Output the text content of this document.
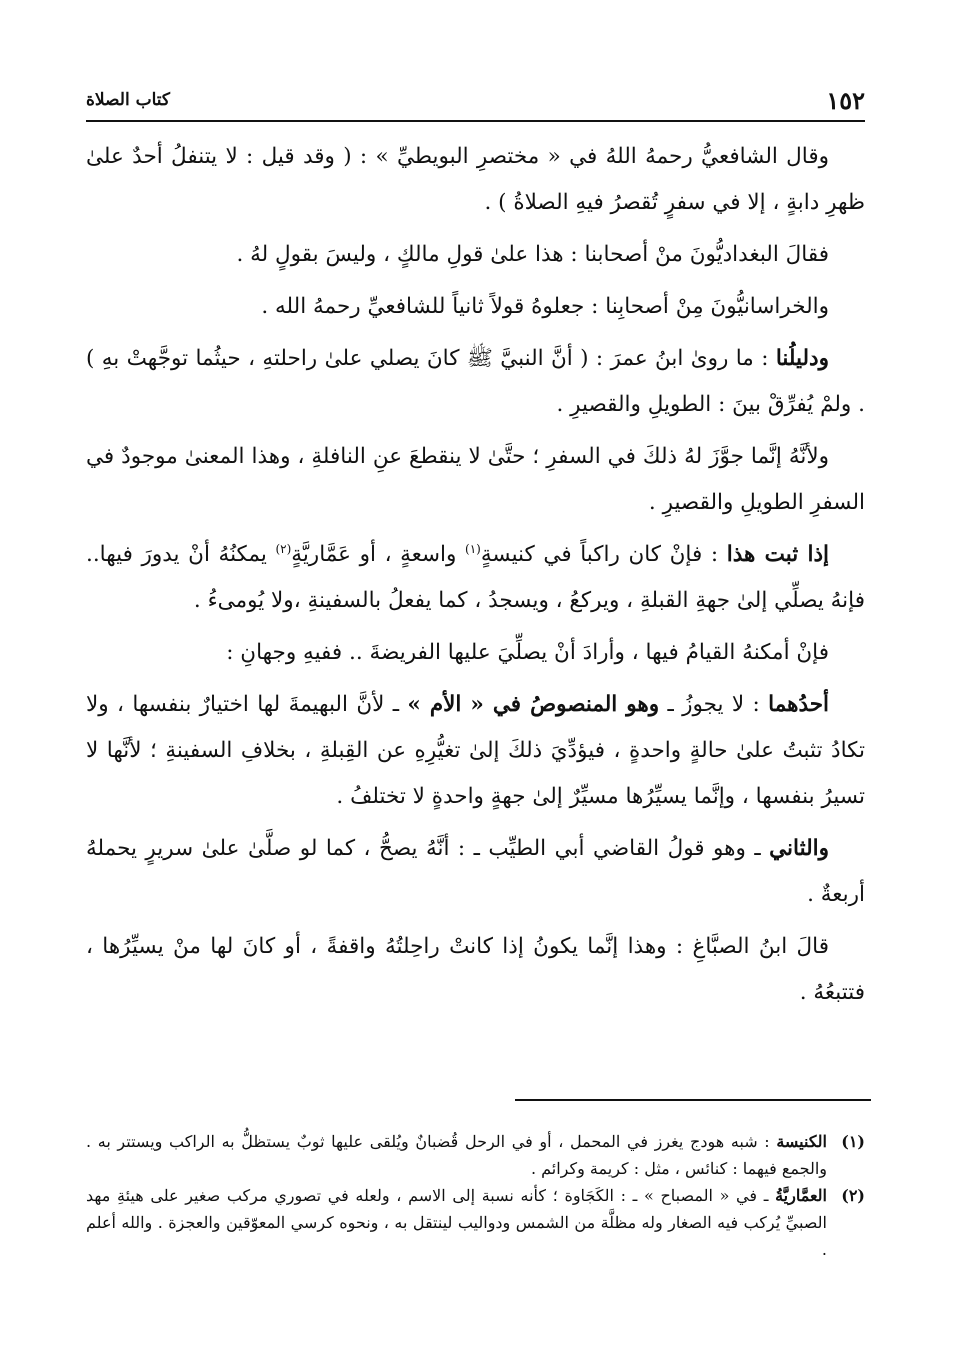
١٥٢
كتاب الصلاة

وقال الشافعيُّ رحمهُ اللهُ في « مختصرِ البويطيِّ » : ( وقد قيل : لا يتنفلُ أحدٌ علىٰ ظهرِ دابةٍ ، إلا في سفرٍ تُقصرُ فيهِ الصلاةُ ) .

فقالَ البغداديُّونَ منْ أصحابنا : هذا علىٰ قولِ مالكٍ ، وليسَ بقولٍ لهُ .

والخراسانيُّونَ مِنْ أصحابِنا : جعلوهُ قولاً ثانياً للشافعيِّ رحمهُ الله .

ودليلُنا : ما روىٰ ابنُ عمرَ : ( أنَّ النبيَّ ﷺ كانَ يصلي علىٰ راحلتهِ ، حيثُما توجَّهتْ بهِ ) . ولمْ يُفرِّقْ بينَ : الطويلِ والقصيرِ .

ولأنَّهُ إنَّما جوَّزَ لهُ ذلكَ في السفرِ ؛ حتَّىٰ لا ينقطعَ عنِ النافلةِ ، وهذا المعنىٰ موجودٌ في السفرِ الطويلِ والقصيرِ .

إذا ثبت هذا : فإنْ كان راكباً في كنيسةٍ$^{(١)}$ واسعةٍ ، أو عَمَّاريَّةٍ$^{(٢)}$ يمكنُهُ أنْ يدورَ فيها.. فإنهُ يصلِّي إلىٰ جهةِ القبلةِ ، ويركعُ ، ويسجدُ ، كما يفعلُ بالسفينةِ ،ولا يُومىءُ .

فإنْ أمكنهُ القيامُ فيها ، وأرادَ أنْ يصلِّيَ عليها الفريضةَ .. ففيهِ وجهانِ :

أحدُهما : لا يجوزُ ـ وهو المنصوصُ في « الأم » ـ لأنَّ البهيمةَ لها اختيارٌ بنفسها ، ولا تكادُ تثبتُ علىٰ حالةٍ واحدةٍ ، فيؤدِّيَ ذلكَ إلىٰ تغيُّرِهِ عن القِبلةِ ، بخلافِ السفينةِ ؛ لأنَّها لا تسيرُ بنفسها ، وإنَّما يسيِّرُها مسيِّرٌ إلىٰ جهةٍ واحدةٍ لا تختلفُ .

والثاني ـ وهو قولُ القاضي أبي الطيِّب ـ : أنَّهُ يصحُّ ، كما لو صلَّىٰ علىٰ سريرٍ يحملهُ أربعةٌ .

قالَ ابنُ الصبَّاغِ : وهذا إنَّما يكونُ إذا كانتْ راحِلتُهُ واقفةً ، أو كانَ لها منْ يسيِّرُها ، فتتبعُهُ .

(١)
الكنيسة : شبه هودج يغرز في المحمل ، أو في الرحل قُضبانٌ ويُلقى عليها ثوبٌ يستظلُّ به الراكب ويستتر به . والجمع فيهما : كنائس ، مثل : كريمة وكرائم .
(٢)
العمَّاريَّةُ ـ في « المصباح » ـ : الكَجَاوة ؛ كأنه نسبة إلى الاسم ، ولعله في تصوري مركب صغير على هيئةِ مهد الصبيِّ يُركب فيه الصغار وله مظلَّة من الشمس ودواليب لينتقل به ، ونحوه كرسي المعوّقين والعجزة . والله أعلم .
